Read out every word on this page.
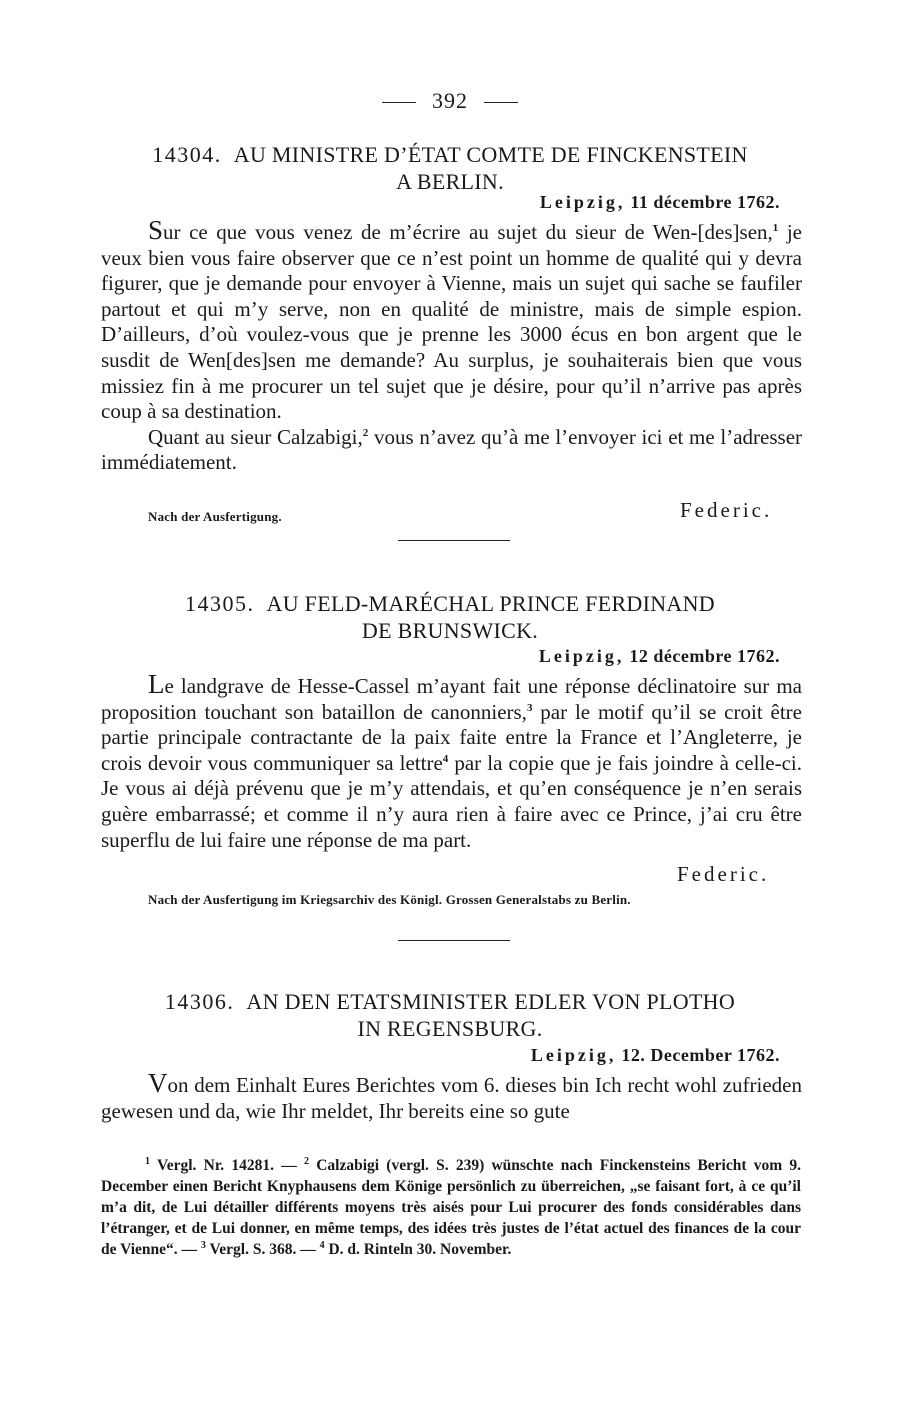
392
14304. AU MINISTRE D’ÉTAT COMTE DE FINCKENSTEIN
A BERLIN.
Leipzig, 11 décembre 1762.

Sur ce que vous venez de m’écrire au sujet du sieur de Wen-[des]sen,$^1$ je veux bien vous faire observer que ce n’est point un homme de qualité qui y devra figurer, que je demande pour envoyer à Vienne, mais un sujet qui sache se faufiler partout et qui m’y serve, non en qualité de ministre, mais de simple espion. D’ailleurs, d’où voulez-vous que je prenne les 3000 écus en bon argent que le susdit de Wen[des]sen me demande? Au surplus, je souhaiterais bien que vous missiez fin à me procurer un tel sujet que je désire, pour qu’il n’arrive pas après coup à sa destination.

Quant au sieur Calzabigi,$^2$ vous n’avez qu’à me l’envoyer ici et me l’adresser immédiatement.

Nach der Ausfertigung.	Federic.
14305. AU FELD-MARÉCHAL PRINCE FERDINAND
DE BRUNSWICK.
Leipzig, 12 décembre 1762.

Le landgrave de Hesse-Cassel m’ayant fait une réponse déclinatoire sur ma proposition touchant son bataillon de canonniers,$^3$ par le motif qu’il se croit être partie principale contractante de la paix faite entre la France et l’Angleterre, je crois devoir vous communiquer sa lettre$^4$ par la copie que je fais joindre à celle-ci. Je vous ai déjà prévenu que je m’y attendais, et qu’en conséquence je n’en serais guère embarrassé; et comme il n’y aura rien à faire avec ce Prince, j’ai cru être superflu de lui faire une réponse de ma part.

Federic.
Nach der Ausfertigung im Kriegsarchiv des Königl. Grossen Generalstabs zu Berlin.
14306. AN DEN ETATSMINISTER EDLER VON PLOTHO
IN REGENSBURG.
Leipzig, 12. December 1762.

Von dem Einhalt Eures Berichtes vom 6. dieses bin Ich recht wohl zufrieden gewesen und da, wie Ihr meldet, Ihr bereits eine so gute

$^1$ Vergl. Nr. 14281. — $^2$ Calzabigi (vergl. S. 239) wünschte nach Finckensteins Bericht vom 9. December einen Bericht Knyphausens dem Könige persönlich zu überreichen, „se faisant fort, à ce qu’il m’a dit, de Lui détailler différents moyens très aisés pour Lui procurer des fonds considérables dans l’étranger, et de Lui donner, en même temps, des idées très justes de l’état actuel des finances de la cour de Vienne“. — $^3$ Vergl. S. 368. — $^4$ D. d. Rinteln 30. November.
